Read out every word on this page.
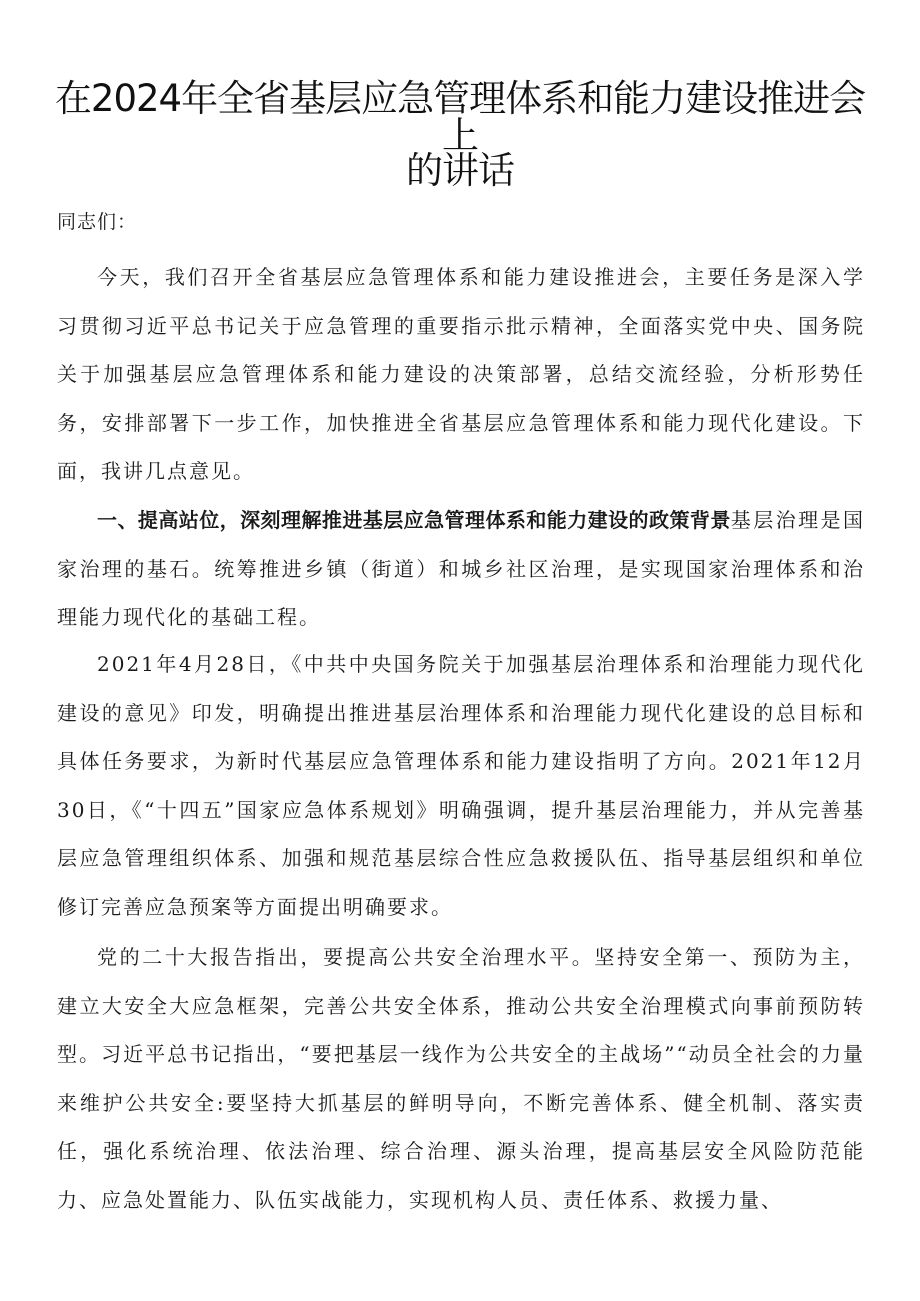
在2024年全省基层应急管理体系和能力建设推进会上
的讲话
同志们：

今天，我们召开全省基层应急管理体系和能力建设推进会，主要任务是深入学习贯彻习近平总书记关于应急管理的重要指示批示精神，全面落实党中央、国务院关于加强基层应急管理体系和能力建设的决策部署，总结交流经验，分析形势任务，安排部署下一步工作，加快推进全省基层应急管理体系和能力现代化建设。下面，我讲几点意见。

一、提高站位，深刻理解推进基层应急管理体系和能力建设的政策背景基层治理是国家治理的基石。统筹推进乡镇（街道）和城乡社区治理，是实现国家治理体系和治理能力现代化的基础工程。

2021年4月28日，《中共中央国务院关于加强基层治理体系和治理能力现代化建设的意见》印发，明确提出推进基层治理体系和治理能力现代化建设的总目标和具体任务要求，为新时代基层应急管理体系和能力建设指明了方向。2021年12月30日，《“十四五”国家应急体系规划》明确强调，提升基层治理能力，并从完善基层应急管理组织体系、加强和规范基层综合性应急救援队伍、指导基层组织和单位修订完善应急预案等方面提出明确要求。

党的二十大报告指出，要提高公共安全治理水平。坚持安全第一、预防为主，建立大安全大应急框架，完善公共安全体系，推动公共安全治理模式向事前预防转型。习近平总书记指出，“要把基层一线作为公共安全的主战场”“动员全社会的力量来维护公共安全:要坚持大抓基层的鲜明导向，不断完善体系、健全机制、落实责任，强化系统治理、依法治理、综合治理、源头治理，提高基层安全风险防范能力、应急处置能力、队伍实战能力，实现机构人员、责任体系、救援力量、
